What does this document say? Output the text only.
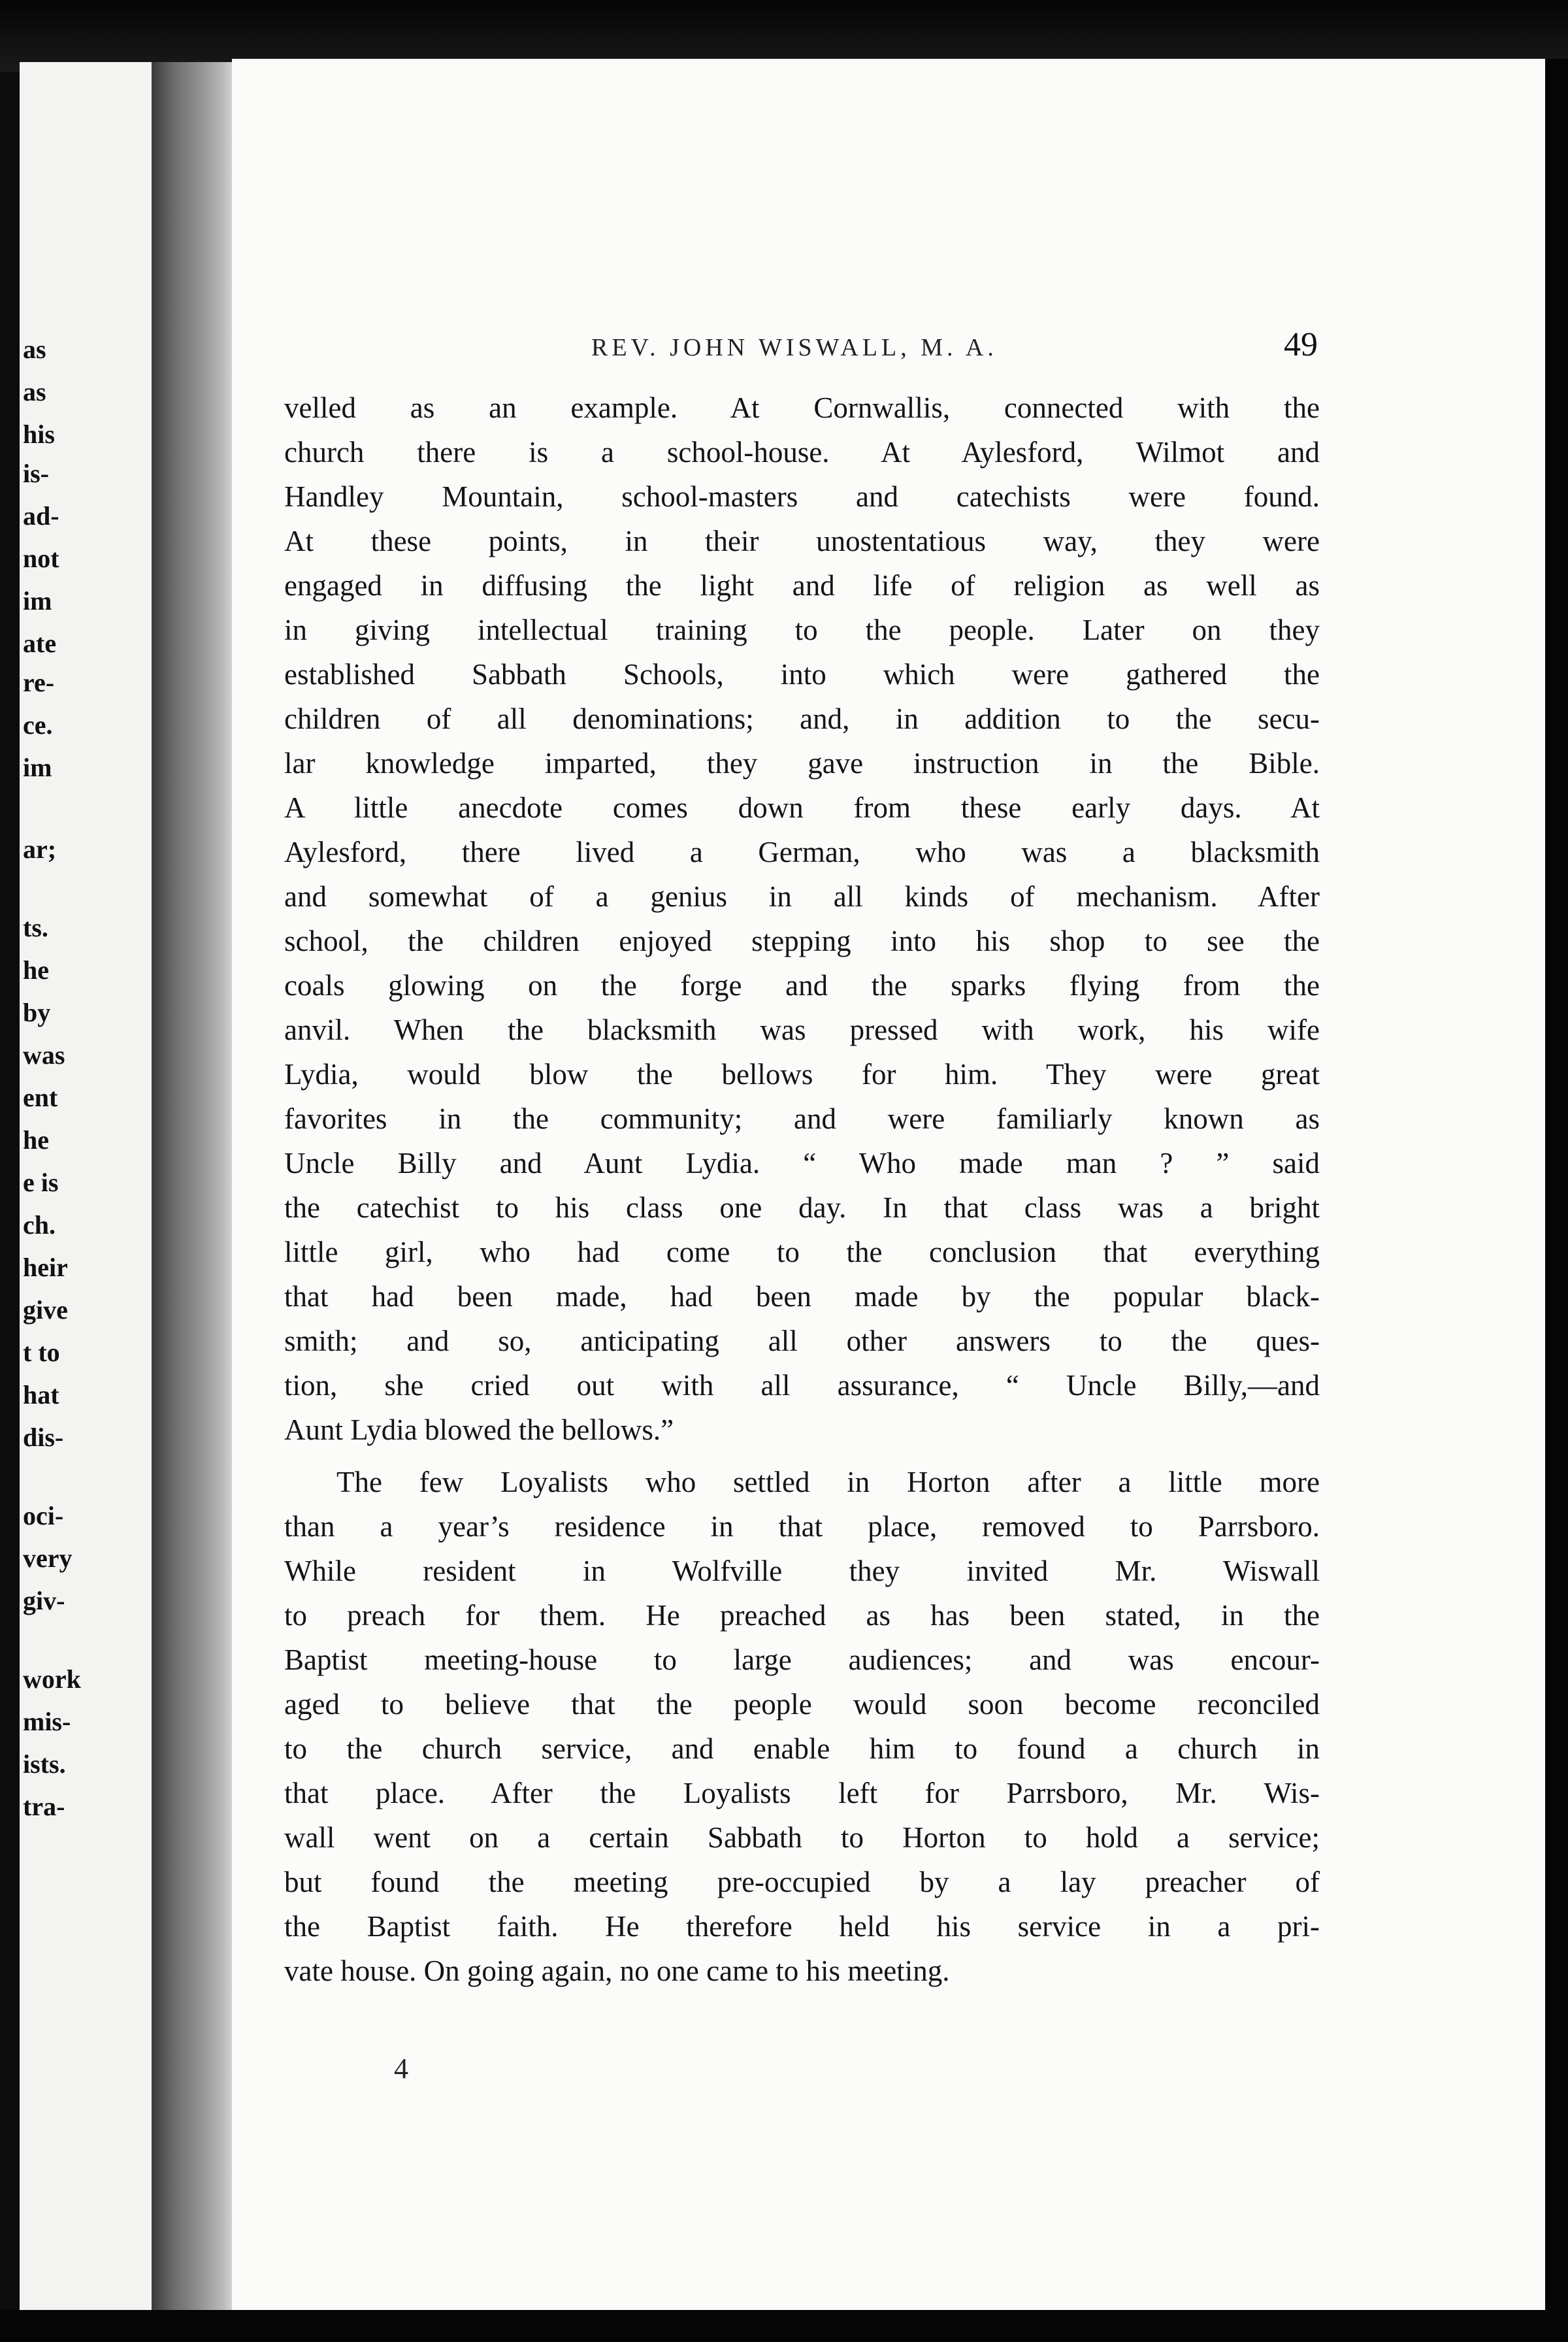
as
as
his
is-
ad-
not
im
ate
re-
ce.
im
ar;
ts.
he
by
was
ent
he
e is
ch.
heir
give
t to
hat
dis-
oci-
very
giv-
work
mis-
ists.
tra-
REV. JOHN WISWALL, M. A.	49
velled as an example. At Cornwallis, connected with the
church there is a school-house. At Aylesford, Wilmot and
Handley Mountain, school-masters and catechists were found.
At these points, in their unostentatious way, they were
engaged in diffusing the light and life of religion as well as
in giving intellectual training to the people. Later on they
established Sabbath Schools, into which were gathered the
children of all denominations; and, in addition to the secu-
lar knowledge imparted, they gave instruction in the Bible.
A little anecdote comes down from these early days. At
Aylesford, there lived a German, who was a blacksmith
and somewhat of a genius in all kinds of mechanism. After
school, the children enjoyed stepping into his shop to see the
coals glowing on the forge and the sparks flying from the
anvil. When the blacksmith was pressed with work, his wife
Lydia, would blow the bellows for him. They were great
favorites in the community; and were familiarly known as
Uncle Billy and Aunt Lydia. “ Who made man ? ” said
the catechist to his class one day. In that class was a bright
little girl, who had come to the conclusion that everything
that had been made, had been made by the popular black-
smith; and so, anticipating all other answers to the ques-
tion, she cried out with all assurance, “ Uncle Billy,—and
Aunt Lydia blowed the bellows.”
The few Loyalists who settled in Horton after a little more
than a year’s residence in that place, removed to Parrsboro.
While resident in Wolfville they invited Mr. Wiswall
to preach for them. He preached as has been stated, in the
Baptist meeting-house to large audiences; and was encour-
aged to believe that the people would soon become reconciled
to the church service, and enable him to found a church in
that place. After the Loyalists left for Parrsboro, Mr. Wis-
wall went on a certain Sabbath to Horton to hold a service;
but found the meeting pre-occupied by a lay preacher of
the Baptist faith. He therefore held his service in a pri-
vate house. On going again, no one came to his meeting.
4
